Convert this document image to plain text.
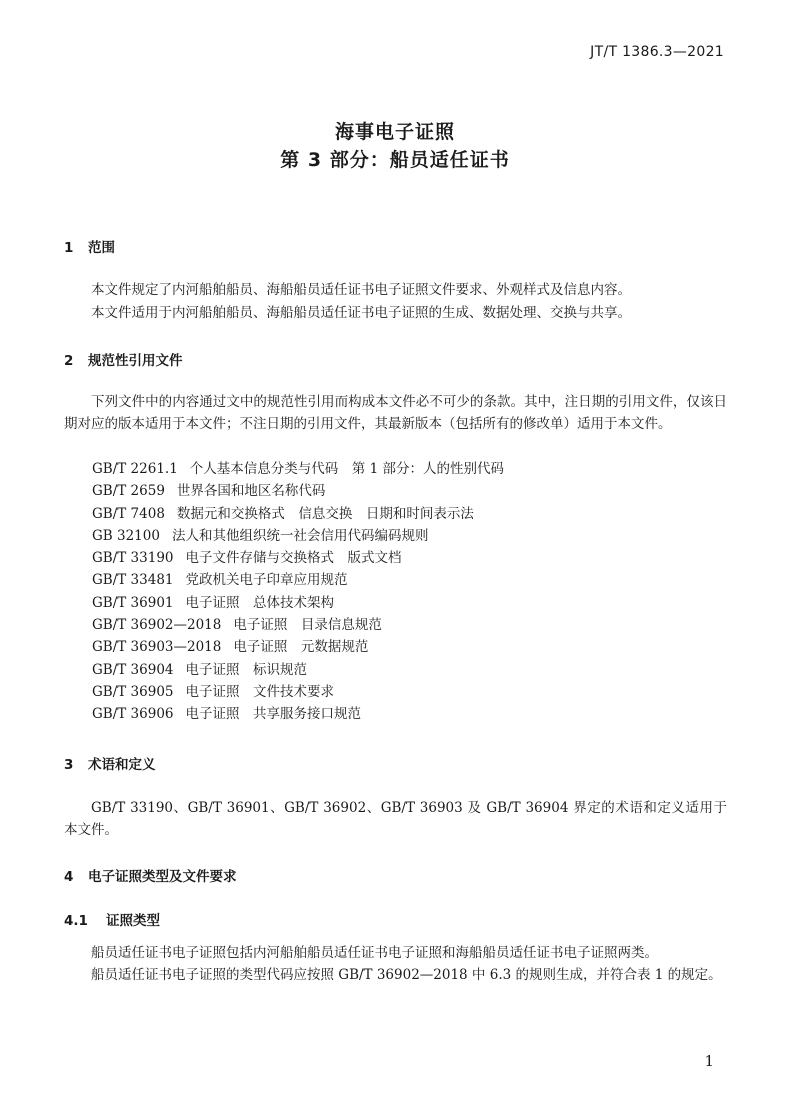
JT/T 1386.3—2021
海事电子证照
第 3 部分：船员适任证书
1 范围
本文件规定了内河船舶船员、海船船员适任证书电子证照文件要求、外观样式及信息内容。
本文件适用于内河船舶船员、海船船员适任证书电子证照的生成、数据处理、交换与共享。
2 规范性引用文件
下列文件中的内容通过文中的规范性引用而构成本文件必不可少的条款。其中，注日期的引用文件，仅该日期对应的版本适用于本文件；不注日期的引用文件，其最新版本（包括所有的修改单）适用于本文件。
GB/T 2261.1 个人基本信息分类与代码　第 1 部分：人的性别代码
GB/T 2659 世界各国和地区名称代码
GB/T 7408 数据元和交换格式　信息交换　日期和时间表示法
GB 32100 法人和其他组织统一社会信用代码编码规则
GB/T 33190 电子文件存储与交换格式　版式文档
GB/T 33481 党政机关电子印章应用规范
GB/T 36901 电子证照　总体技术架构
GB/T 36902—2018 电子证照　目录信息规范
GB/T 36903—2018 电子证照　元数据规范
GB/T 36904 电子证照　标识规范
GB/T 36905 电子证照　文件技术要求
GB/T 36906 电子证照　共享服务接口规范
3 术语和定义
GB/T 33190、GB/T 36901、GB/T 36902、GB/T 36903 及 GB/T 36904 界定的术语和定义适用于本文件。
4 电子证照类型及文件要求
4.1 证照类型
船员适任证书电子证照包括内河船舶船员适任证书电子证照和海船船员适任证书电子证照两类。
船员适任证书电子证照的类型代码应按照 GB/T 36902—2018 中 6.3 的规则生成，并符合表 1 的规定。
1
